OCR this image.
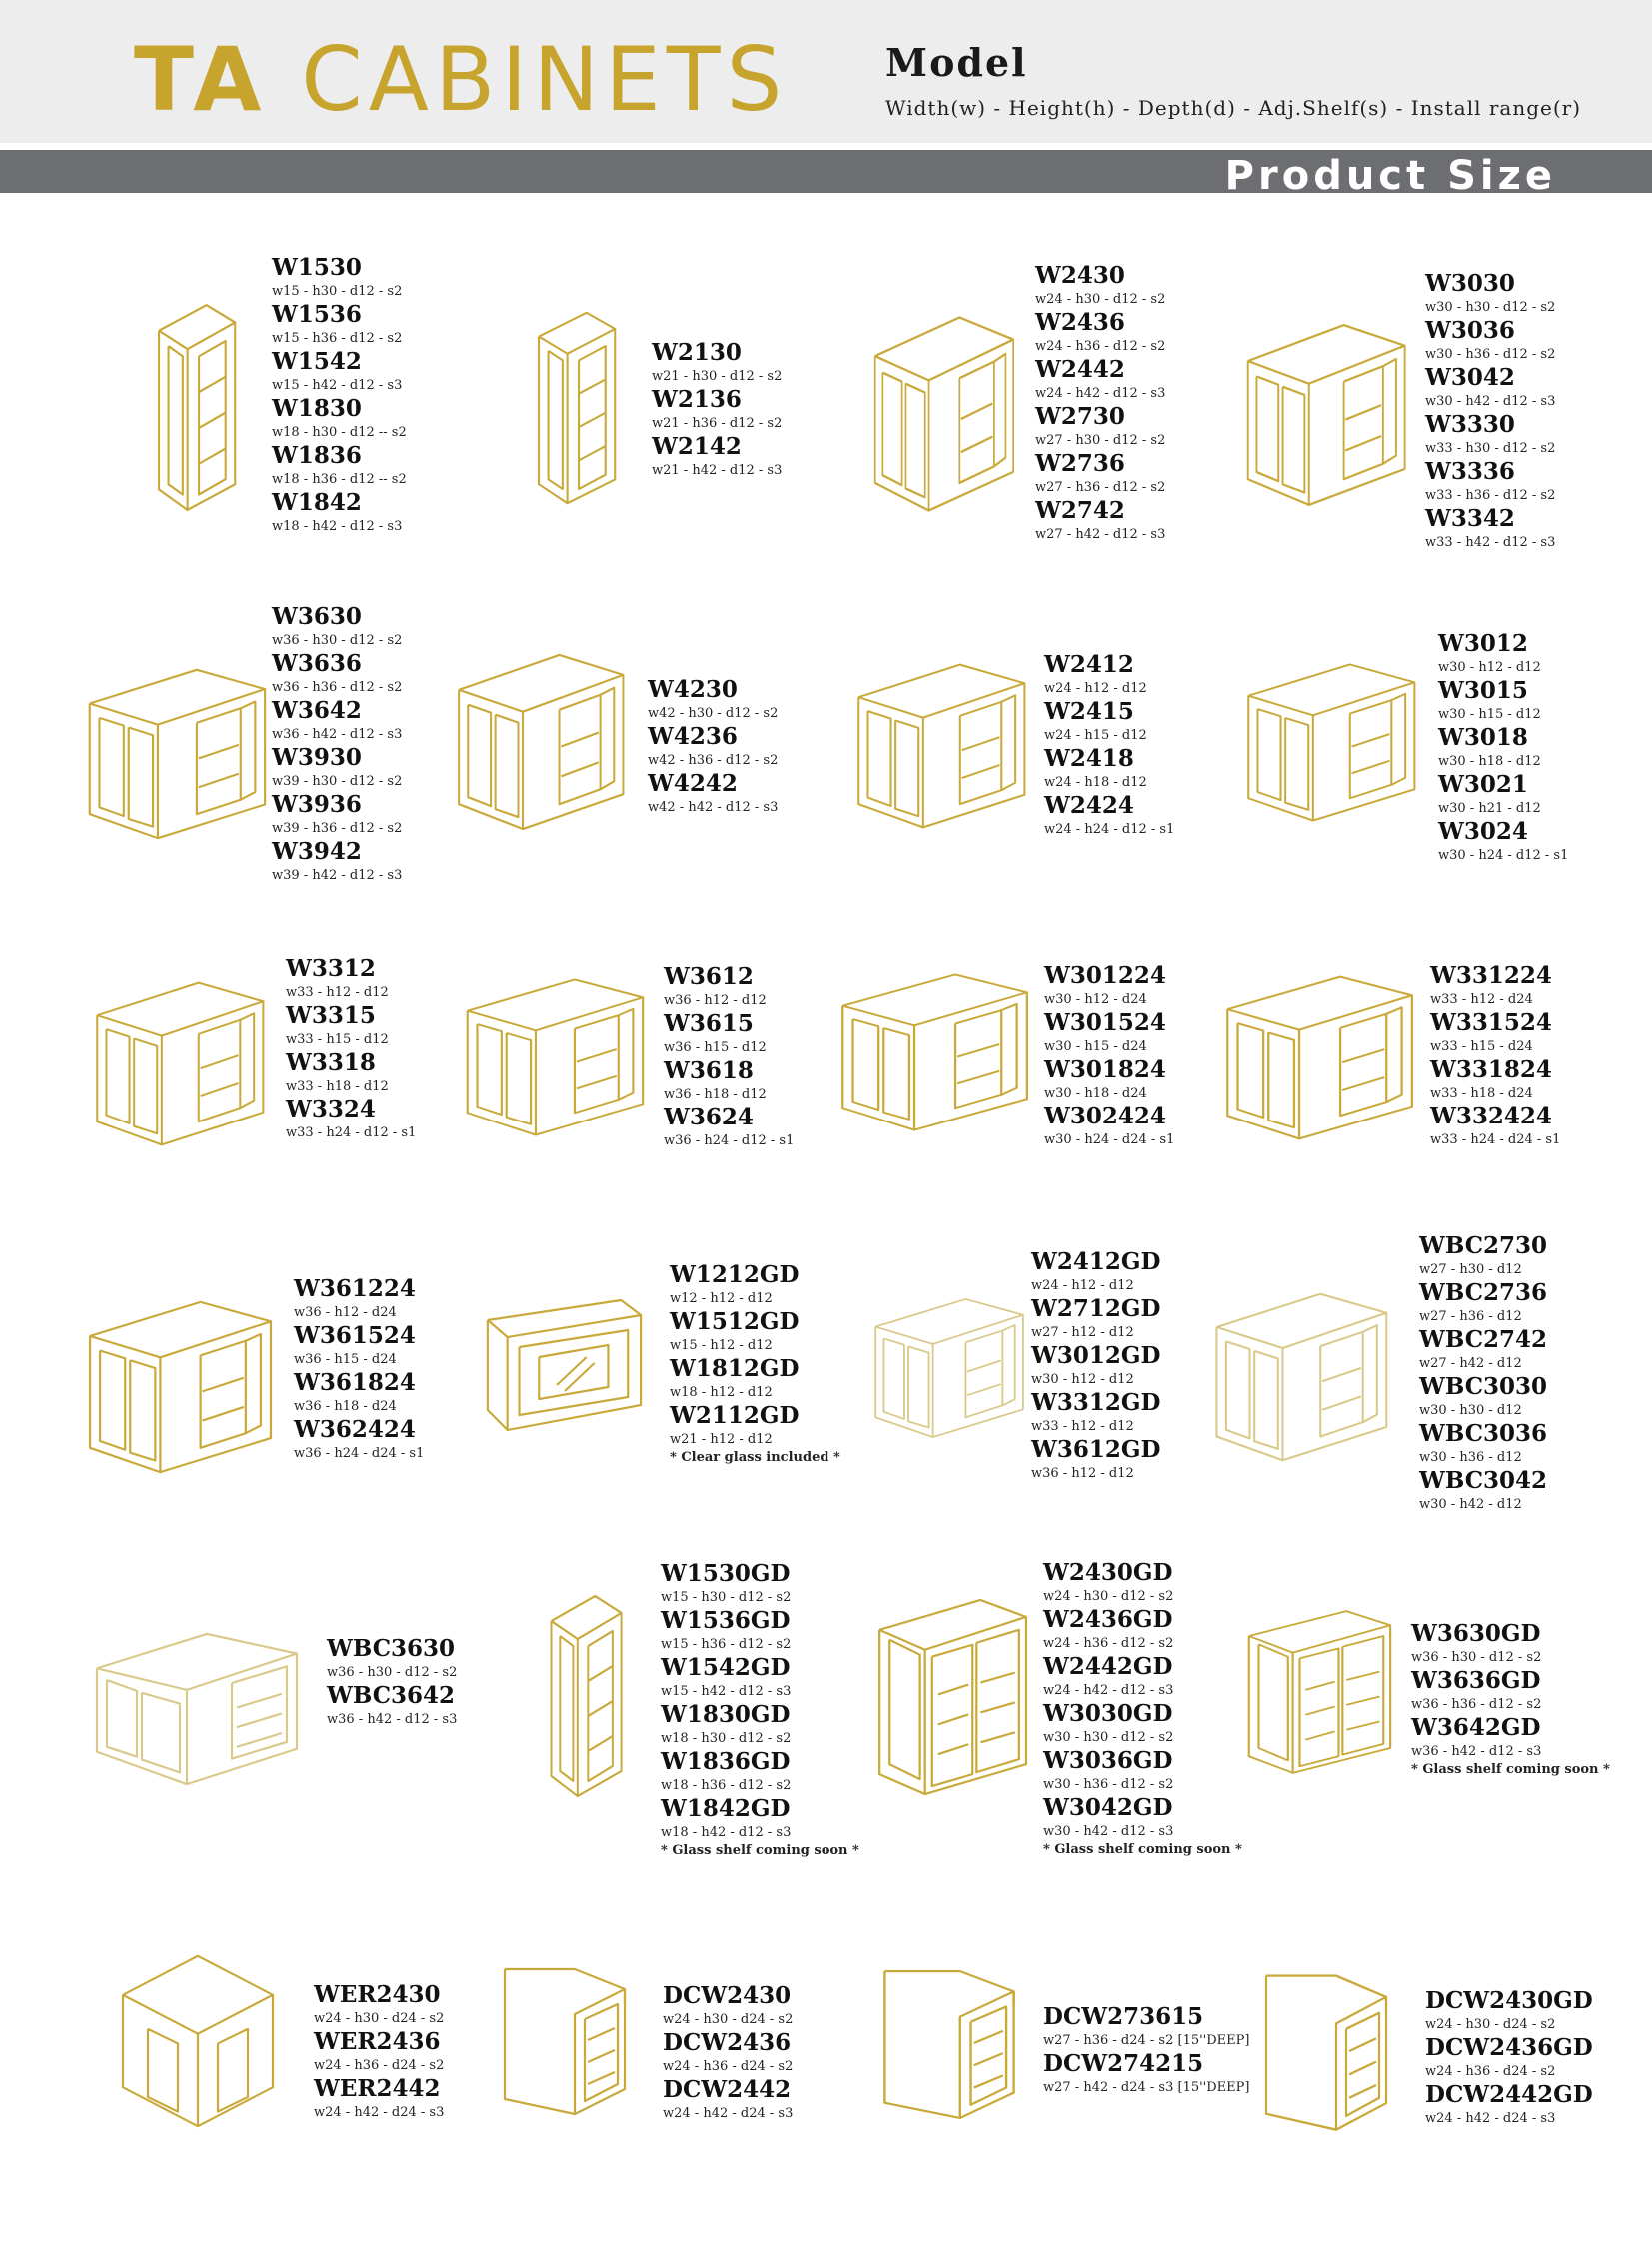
TA CABINETS	Model
Width(w) - Height(h) - Depth(d) - Adj.Shelf(s) - Install range(r)
Product Size
W1530
w15 - h30 - d12 - s2
W1536
w15 - h36 - d12 - s2
W1542
w15 - h42 - d12 - s3
W1830
w18 - h30 - d12 -- s2
W1836
w18 - h36 - d12 -- s2
W1842
w18 - h42 - d12 - s3
W2130
w21 - h30 - d12 - s2
W2136
w21 - h36 - d12 - s2
W2142
w21 - h42 - d12 - s3
W2430
w24 - h30 - d12 - s2
W2436
w24 - h36 - d12 - s2
W2442
w24 - h42 - d12 - s3
W2730
w27 - h30 - d12 - s2
W2736
w27 - h36 - d12 - s2
W2742
w27 - h42 - d12 - s3
W3030
w30 - h30 - d12 - s2
W3036
w30 - h36 - d12 - s2
W3042
w30 - h42 - d12 - s3
W3330
w33 - h30 - d12 - s2
W3336
w33 - h36 - d12 - s2
W3342
w33 - h42 - d12 - s3
W3630
w36 - h30 - d12 - s2
W3636
w36 - h36 - d12 - s2
W3642
w36 - h42 - d12 - s3
W3930
w39 - h30 - d12 - s2
W3936
w39 - h36 - d12 - s2
W3942
w39 - h42 - d12 - s3
W4230
w42 - h30 - d12 - s2
W4236
w42 - h36 - d12 - s2
W4242
w42 - h42 - d12 - s3
W2412
w24 - h12 - d12
W2415
w24 - h15 - d12
W2418
w24 - h18 - d12
W2424
w24 - h24 - d12 - s1
W3012
w30 - h12 - d12
W3015
w30 - h15 - d12
W3018
w30 - h18 - d12
W3021
w30 - h21 - d12
W3024
w30 - h24 - d12 - s1
W3312
w33 - h12 - d12
W3315
w33 - h15 - d12
W3318
w33 - h18 - d12
W3324
w33 - h24 - d12 - s1
W3612
w36 - h12 - d12
W3615
w36 - h15 - d12
W3618
w36 - h18 - d12
W3624
w36 - h24 - d12 - s1
W301224
w30 - h12 - d24
W301524
w30 - h15 - d24
W301824
w30 - h18 - d24
W302424
w30 - h24 - d24 - s1
W331224
w33 - h12 - d24
W331524
w33 - h15 - d24
W331824
w33 - h18 - d24
W332424
w33 - h24 - d24 - s1
W361224
w36 - h12 - d24
W361524
w36 - h15 - d24
W361824
w36 - h18 - d24
W362424
w36 - h24 - d24 - s1
W1212GD
w12 - h12 - d12
W1512GD
w15 - h12 - d12
W1812GD
w18 - h12 - d12
W2112GD
w21 - h12 - d12
* Clear glass included *
W2412GD
w24 - h12 - d12
W2712GD
w27 - h12 - d12
W3012GD
w30 - h12 - d12
W3312GD
w33 - h12 - d12
W3612GD
w36 - h12 - d12
WBC2730
w27 - h30 - d12
WBC2736
w27 - h36 - d12
WBC2742
w27 - h42 - d12
WBC3030
w30 - h30 - d12
WBC3036
w30 - h36 - d12
WBC3042
w30 - h42 - d12
WBC3630
w36 - h30 - d12 - s2
WBC3642
w36 - h42 - d12 - s3
W1530GD
w15 - h30 - d12 - s2
W1536GD
w15 - h36 - d12 - s2
W1542GD
w15 - h42 - d12 - s3
W1830GD
w18 - h30 - d12 - s2
W1836GD
w18 - h36 - d12 - s2
W1842GD
w18 - h42 - d12 - s3
* Glass shelf coming soon *
W2430GD
w24 - h30 - d12 - s2
W2436GD
w24 - h36 - d12 - s2
W2442GD
w24 - h42 - d12 - s3
W3030GD
w30 - h30 - d12 - s2
W3036GD
w30 - h36 - d12 - s2
W3042GD
w30 - h42 - d12 - s3
* Glass shelf coming soon *
W3630GD
w36 - h30 - d12 - s2
W3636GD
w36 - h36 - d12 - s2
W3642GD
w36 - h42 - d12 - s3
* Glass shelf coming soon *
WER2430
w24 - h30 - d24 - s2
WER2436
w24 - h36 - d24 - s2
WER2442
w24 - h42 - d24 - s3
DCW2430
w24 - h30 - d24 - s2
DCW2436
w24 - h36 - d24 - s2
DCW2442
w24 - h42 - d24 - s3
DCW273615
w27 - h36 - d24 - s2 [15''DEEP]
DCW274215
w27 - h42 - d24 - s3 [15''DEEP]
DCW2430GD
w24 - h30 - d24 - s2
DCW2436GD
w24 - h36 - d24 - s2
DCW2442GD
w24 - h42 - d24 - s3
